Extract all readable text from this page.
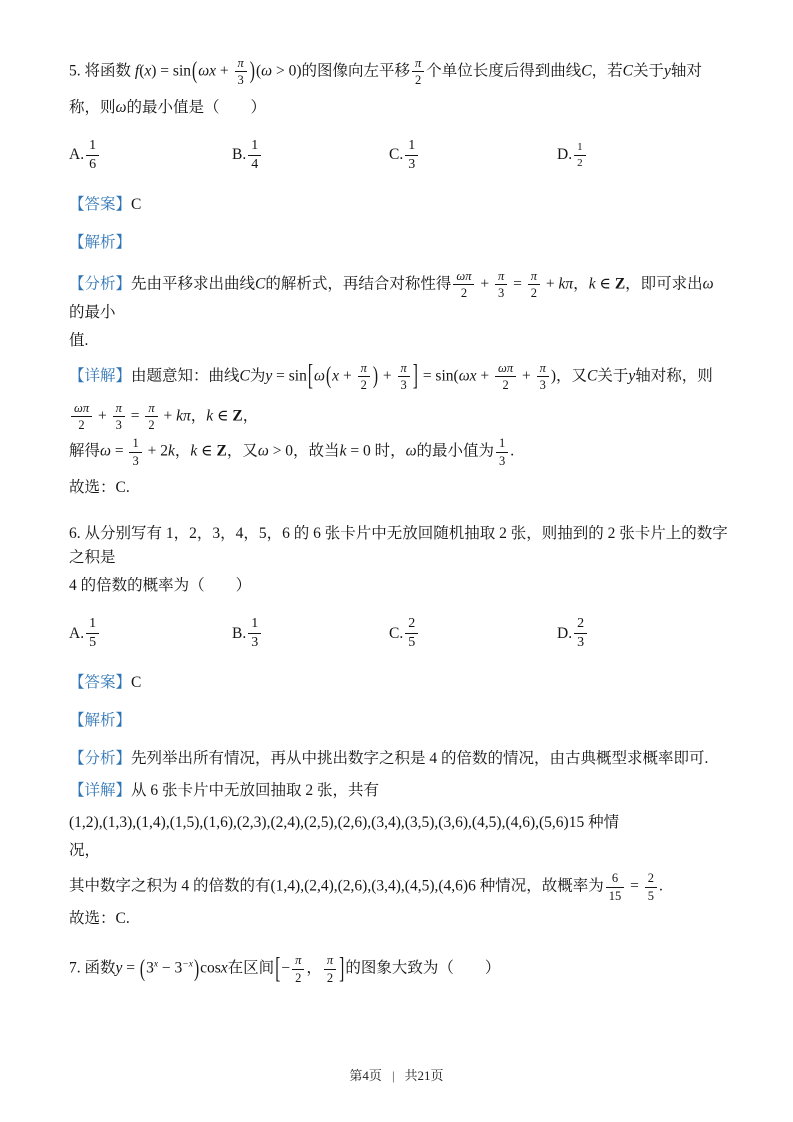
5. 将函数 $f(x) = \sin(\omega x + \frac{\pi}{3} )(\omega > 0)$的图像向左平移 $\frac{\pi}{2}$ 个单位长度后得到曲线C，若C关于y轴对

称，则ω的最小值是（　　）

A. $\frac{1}{6}$	B. $\frac{1}{4}$	C. $\frac{1}{3}$	D. $\frac{1}{2}$

【答案】C

【解析】

【分析】先由平移求出曲线C的解析式，再结合对称性得 $\frac{\omega\pi}{2} + \frac{\pi}{3} = \frac{\pi}{2} + k\pi$，k ∈ Z，即可求出ω的最小

值.

【详解】由题意知：曲线C为$y = \sin[\omega(x + \frac{\pi}{2}$ ) + $\frac{\pi}{3}$ ] = $\sin(\omega x + \frac{\omega\pi}{2} + \frac{\pi}{3}$ )，又C关于y轴对称，则

$\frac{\omega\pi}{2} + \frac{\pi}{3} = \frac{\pi}{2} + k\pi$，k ∈ Z，

解得$\omega = \frac{1}{3} + 2k$，k ∈ Z，又ω > 0，故当k = 0 时，ω的最小值为 $\frac{1}{3}$ .

故选：C.

6. 从分别写有 1，2，3，4，5，6 的 6 张卡片中无放回随机抽取 2 张，则抽到的 2 张卡片上的数字之积是

4 的倍数的概率为（　　）

A. $\frac{1}{5}$	B. $\frac{1}{3}$	C. $\frac{2}{5}$	D. $\frac{2}{3}$

【答案】C

【解析】

【分析】先列举出所有情况，再从中挑出数字之积是 4 的倍数的情况，由古典概型求概率即可.

【详解】从 6 张卡片中无放回抽取 2 张，共有

(1,2),(1,3),(1,4),(1,5),(1,6),(2,3),(2,4),(2,5),(2,6),(3,4),(3,5),(3,6),(4,5),(4,6),(5,6)15 种情

况，

其中数字之积为 4 的倍数的有(1,4),(2,4),(2,6),(3,4),(4,5),(4,6)6 种情况，故概率为 $\frac{6}{15} = \frac{2}{5}$ .

故选：C.

7. 函数$y = (3^x - 3^{-x})\cos x$在区间[− $\frac{\pi}{2}$ ， $\frac{\pi}{2}$ ]的图象大致为（　　）

第4页 | 共21页
